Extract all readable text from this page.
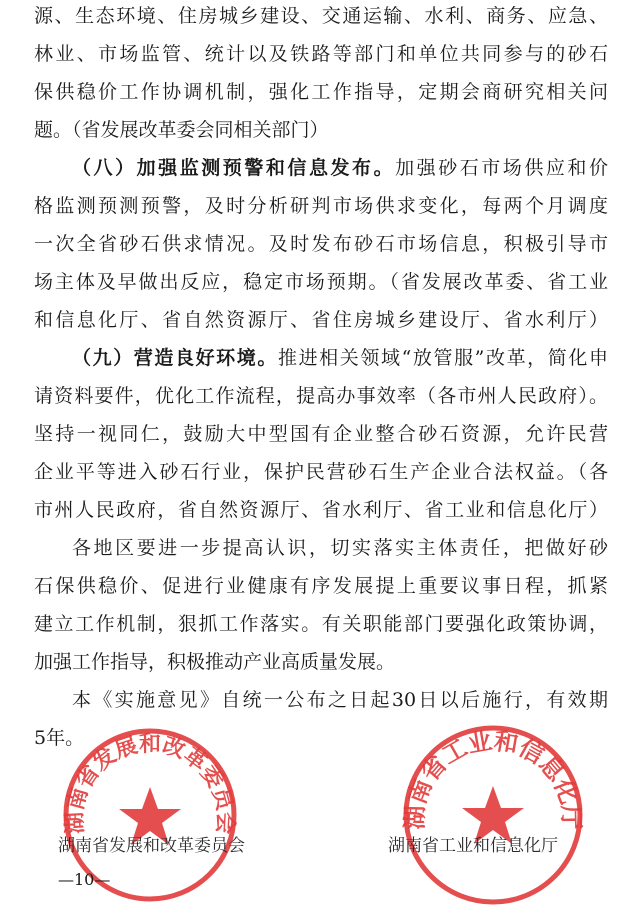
源、生态环境、住房城乡建设、交通运输、水利、商务、应急、
林业、市场监管、统计以及铁路等部门和单位共同参与的砂石
保供稳价工作协调机制，强化工作指导，定期会商研究相关问
题。（省发展改革委会同相关部门）
（八）加强监测预警和信息发布。加强砂石市场供应和价
格监测预测预警，及时分析研判市场供求变化，每两个月调度
一次全省砂石供求情况。及时发布砂石市场信息，积极引导市
场主体及早做出反应，稳定市场预期。（省发展改革委、省工业
和信息化厅、省自然资源厅、省住房城乡建设厅、省水利厅）
（九）营造良好环境。推进相关领域“放管服”改革，简化申
请资料要件，优化工作流程，提高办事效率（各市州人民政府）。
坚持一视同仁，鼓励大中型国有企业整合砂石资源，允许民营
企业平等进入砂石行业，保护民营砂石生产企业合法权益。（各
市州人民政府，省自然资源厅、省水利厅、省工业和信息化厅）
各地区要进一步提高认识，切实落实主体责任，把做好砂
石保供稳价、促进行业健康有序发展提上重要议事日程，抓紧
建立工作机制，狠抓工作落实。有关职能部门要强化政策协调，
加强工作指导，积极推动产业高质量发展。
本《实施意见》自统一公布之日起30日以后施行，有效期
5年。
湖南省发展和改革委员会	湖南省工业和信息化厅
湖南省发展和改革委员会	湖南省工业和信息化厅
—10—
